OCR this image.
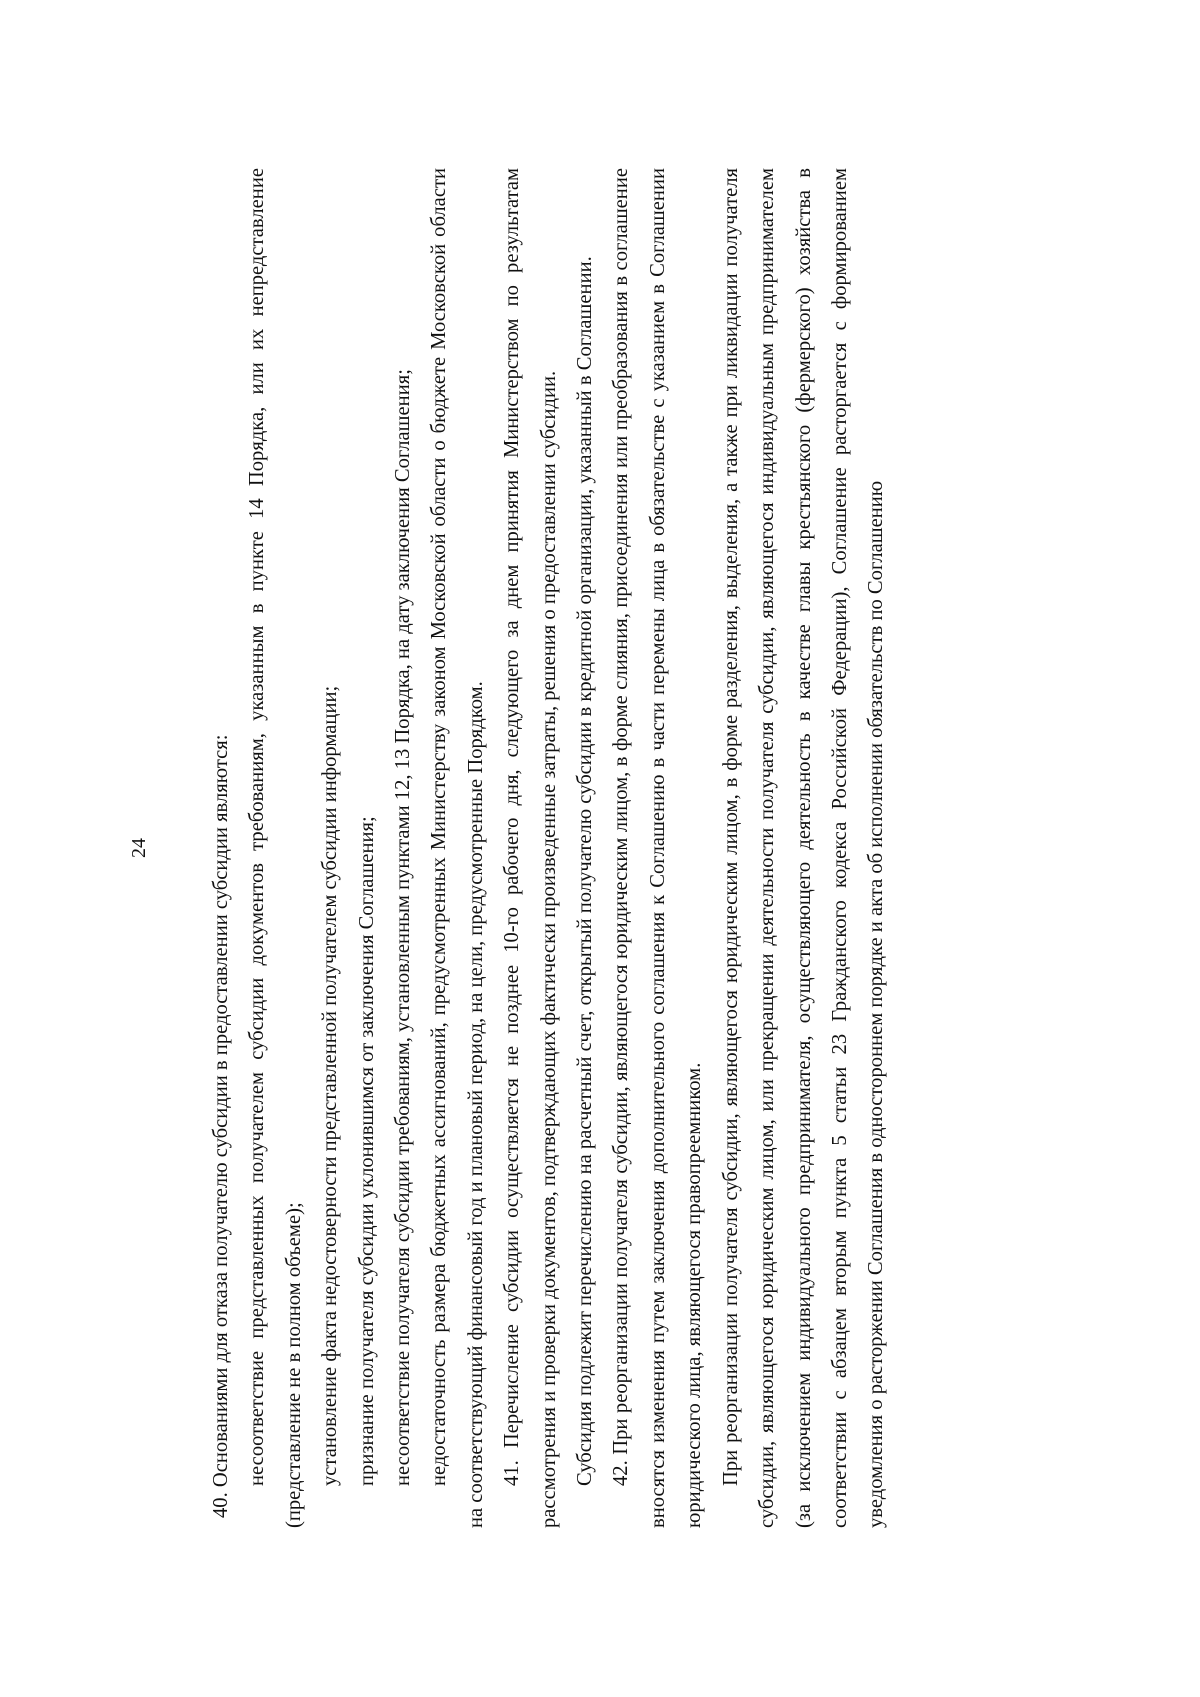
24	40. Основаниями для отказа получателю субсидии в предоставлении субсидии являются: несоответствие представленных получателем субсидии документов требованиям, указанным в пункте 14 Порядка, или их непредставление (представление не в полном объеме); установление факта недостоверности представленной получателем субсидии информации; признание получателя субсидии уклонившимся от заключения Соглашения; несоответствие получателя субсидии требованиям, установленным пунктами 12, 13 Порядка, на дату заключения Соглашения; недостаточность размера бюджетных ассигнований, предусмотренных Министерству законом Московской области о бюджете Московской области на соответствующий финансовый год и плановый период, на цели, предусмотренные Порядком. 41. Перечисление субсидии осуществляется не позднее 10-го рабочего дня, следующего за днем принятия Министерством по результатам рассмотрения и проверки документов, подтверждающих фактически произведенные затраты, решения о предоставлении субсидии. Субсидия подлежит перечислению на расчетный счет, открытый получателю субсидии в кредитной организации, указанный в Соглашении. 42. При реорганизации получателя субсидии, являющегося юридическим лицом, в форме слияния, присоединения или преобразования в соглашение вносятся изменения путем заключения дополнительного соглашения к Соглашению в части перемены лица в обязательстве с указанием в Соглашении юридического лица, являющегося правопреемником. При реорганизации получателя субсидии, являющегося юридическим лицом, в форме разделения, выделения, а также при ликвидации получателя субсидии, являющегося юридическим лицом, или прекращении деятельности получателя субсидии, являющегося индивидуальным предпринимателем (за исключением индивидуального предпринимателя, осуществляющего деятельность в качестве главы крестьянского (фермерского) хозяйства в соответствии с абзацем вторым пункта 5 статьи 23 Гражданского кодекса Российской Федерации), Соглашение расторгается с формированием уведомления о расторжении Соглашения в одностороннем порядке и акта об исполнении обязательств по Соглашению
